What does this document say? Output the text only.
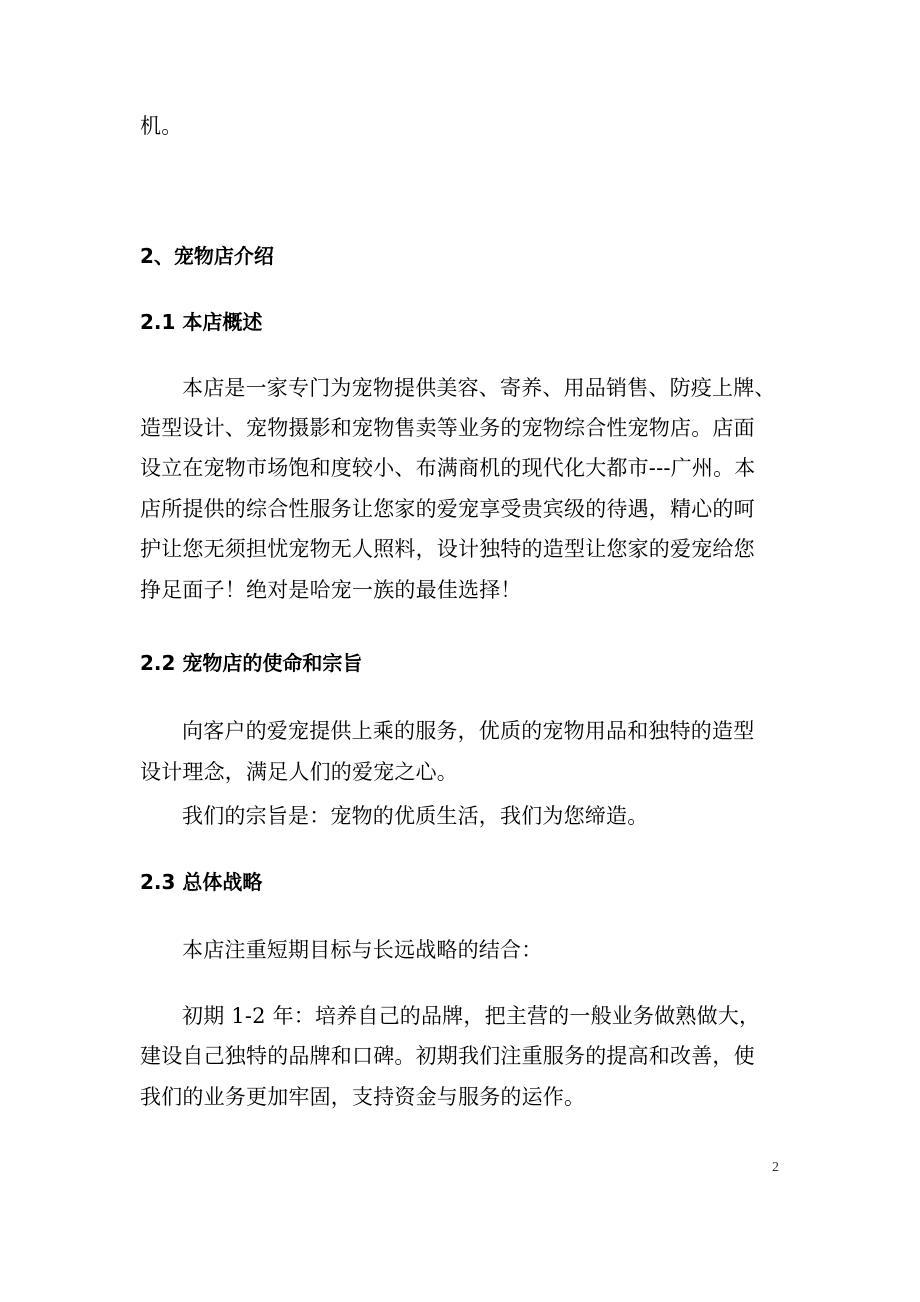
机。
2、宠物店介绍
2.1 本店概述
本店是一家专门为宠物提供美容、寄养、用品销售、防疫上牌、
造型设计、宠物摄影和宠物售卖等业务的宠物综合性宠物店。店面
设立在宠物市场饱和度较小、布满商机的现代化大都市---广州。本
店所提供的综合性服务让您家的爱宠享受贵宾级的待遇，精心的呵
护让您无须担忧宠物无人照料，设计独特的造型让您家的爱宠给您
挣足面子！绝对是哈宠一族的最佳选择！
2.2 宠物店的使命和宗旨
向客户的爱宠提供上乘的服务，优质的宠物用品和独特的造型
设计理念，满足人们的爱宠之心。
我们的宗旨是：宠物的优质生活，我们为您缔造。
2.3 总体战略
本店注重短期目标与长远战略的结合：
初期 1-2 年：培养自己的品牌，把主营的一般业务做熟做大，
建设自己独特的品牌和口碑。初期我们注重服务的提高和改善，使
我们的业务更加牢固，支持资金与服务的运作。
2
